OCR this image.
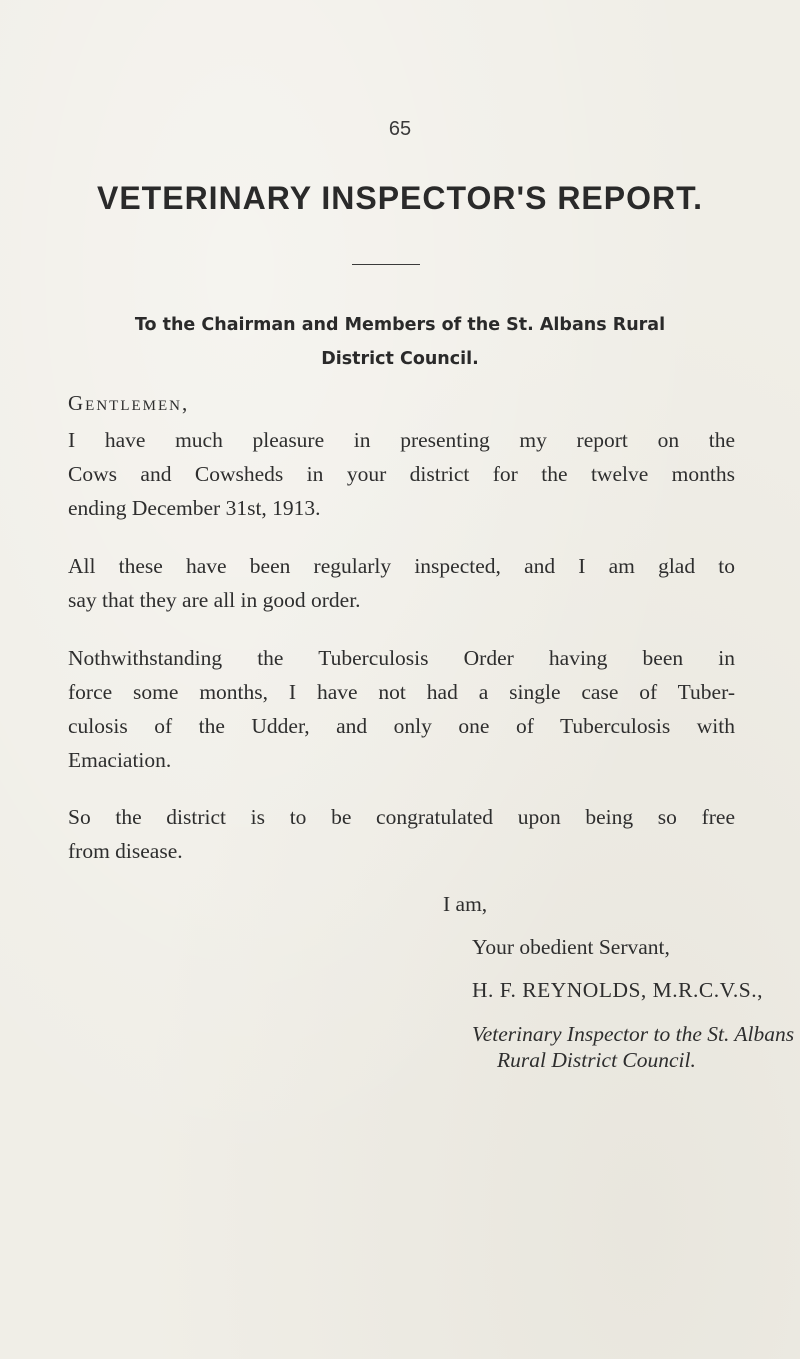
65
VETERINARY INSPECTOR'S REPORT.
To the Chairman and Members of the St. Albans Rural
District Council.
Gentlemen,
I have much pleasure in presenting my report on the
Cows and Cowsheds in your district for the twelve months
ending December 31st, 1913.
All these have been regularly inspected, and I am glad to
say that they are all in good order.
Nothwithstanding the Tuberculosis Order having been in
force some months, I have not had a single case of Tuber-
culosis of the Udder, and only one of Tuberculosis with
Emaciation.
So the district is to be congratulated upon being so free
from disease.
I am,
Your obedient Servant,
H. F. REYNOLDS, M.R.C.V.S.,
Veterinary Inspector to the St. Albans
Rural District Council.
